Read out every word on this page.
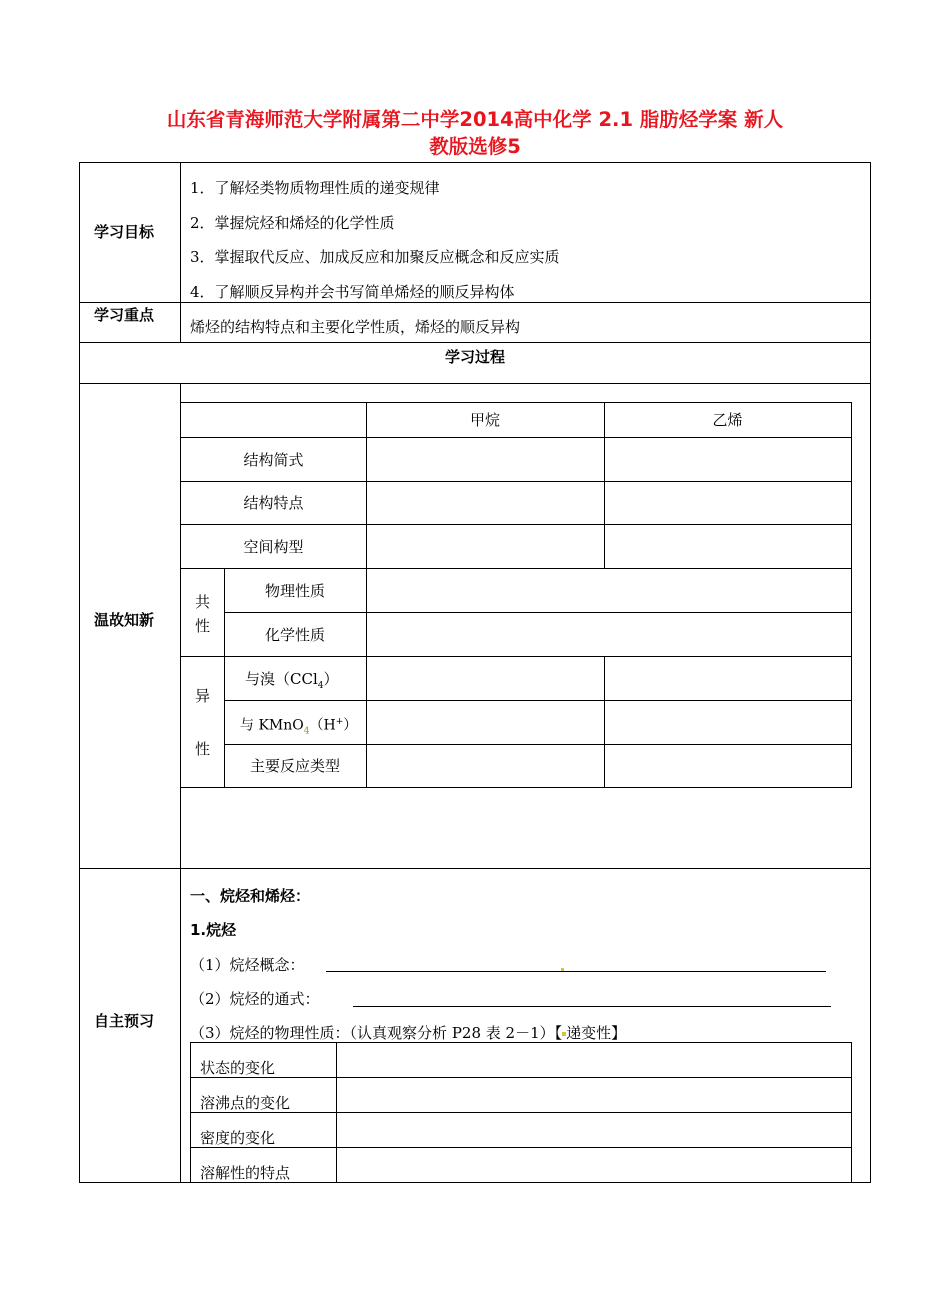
山东省青海师范大学附属第二中学2014高中化学 2.1 脂肪烃学案 新人
教版选修5
学习目标
1．了解烃类物质物理性质的递变规律
2．掌握烷烃和烯烃的化学性质
3．掌握取代反应、加成反应和加聚反应概念和反应实质
4．了解顺反异构并会书写简单烯烃的顺反异构体
学习重点
烯烃的结构特点和主要化学性质，烯烃的顺反异构
学习过程
温故知新
甲烷	乙烯
结构简式
结构特点
空间构型
共
性
物理性质
化学性质
异
性
与溴（CCl$_4$）
与 KMnO$_4$（H+）
主要反应类型
自主预习
一、烷烃和烯烃：
1.烷烃
（1）烷烃概念：
（2）烷烃的通式：
（3）烷烃的物理性质：（认真观察分析 P28 表 2－1）【 递变性】
状态的变化
溶沸点的变化
密度的变化
溶解性的特点
